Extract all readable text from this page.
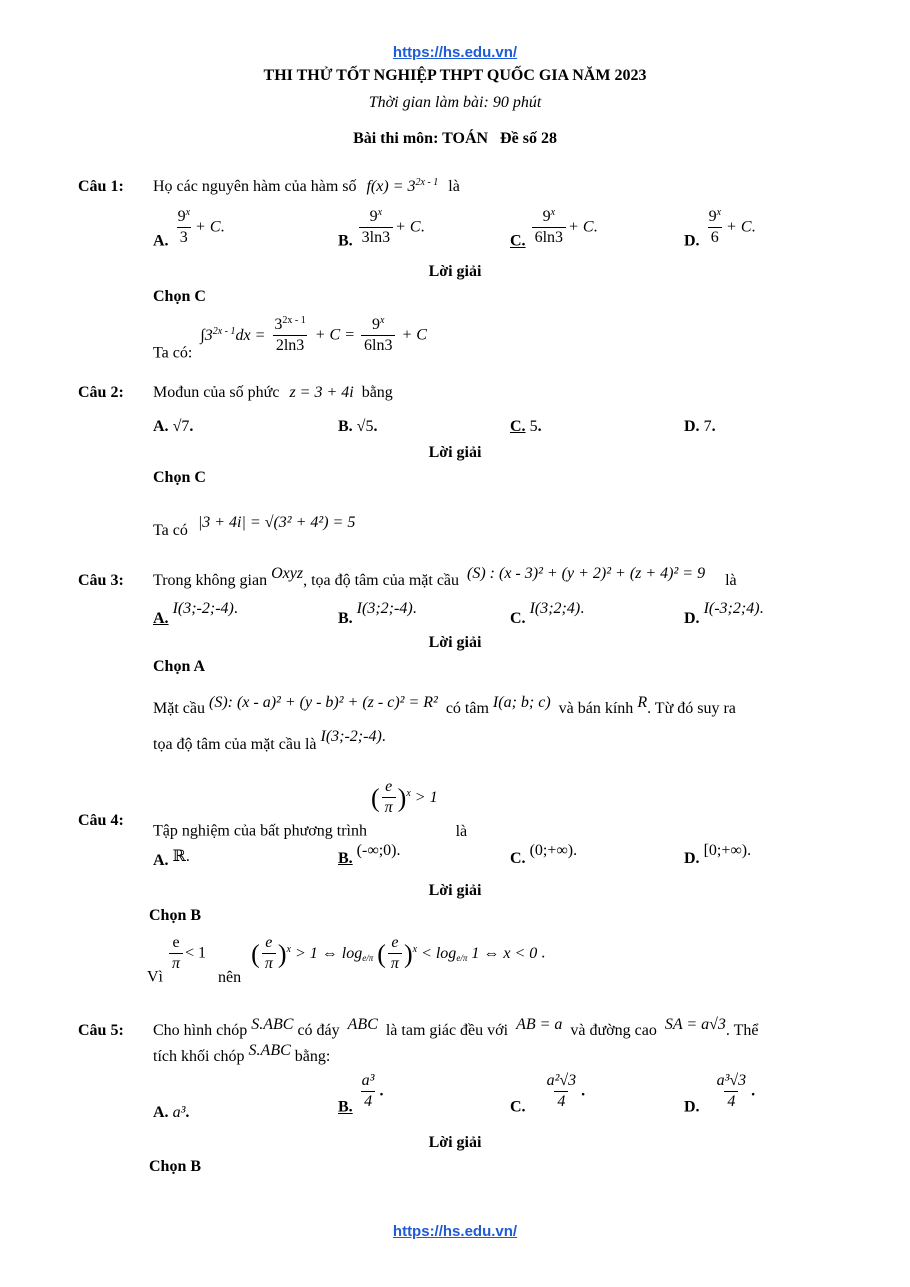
https://hs.edu.vn/
THI THỬ TỐT NGHIỆP THPT QUỐC GIA NĂM 2023
Thời gian làm bài: 90 phút
Bài thi môn: TOÁN   Đề số 28
Câu 1: Họ các nguyên hàm của hàm số $f(x) = 3^{2x - 1}$ là
A. $\frac{9^x}{3} + C$.
B. $\frac{9^x}{3\ln 3} + C$.
C. $\frac{9^x}{6\ln 3} + C$.
D. $\frac{9^x}{6} + C$.
Lời giải
Chọn C
Ta có: $\int 3^{2x - 1}dx = \frac{3^{2x - 1}}{2\ln 3} + C = \frac{9^x}{6\ln 3} + C$
Câu 2: Mođun của số phức z = 3 + 4i bằng
A. √7.	B. √5.	C. 5.	D. 7.
Lời giải
Chọn C
Ta có |3 + 4i| = √(3² + 4²) = 5
Câu 3: Trong không gian Oxyz, tọa độ tâm của mặt cầu (S) : (x - 3)² + (y + 2)² + (z + 4)² = 9 là
A. I(3;-2;-4).
B. I(3;2;-4).
C. I(3;2;4).
D. I(-3;2;4).
Lời giải
Chọn A
Mặt cầu (S): (x - a)² + (y - b)² + (z - c)² = R² có tâm I(a; b; c) và bán kính R. Từ đó suy ra
tọa độ tâm của mặt cầu là I(3;-2;-4).
Câu 4:
Tập nghiệm của bất phương trình ( $\frac{e}{\pi} )^x > 1$ là
A. ℝ.	B. (-∞;0).	C. (0;+∞).	D. [0;+∞).
Lời giải
Chọn B
Vì
$\frac{e}{\pi} < 1$ nên ( $\frac{e}{\pi} )^x > 1$ ⇔ $\log_{e/\pi}$ ( $\frac{e}{\pi} )^x < \log_{e/\pi} 1$ ⇔ x < 0 .
Câu 5: Cho hình chóp S.ABC có đáy ABC là tam giác đều với AB = a và đường cao SA = a√3. Thể
tích khối chóp S.ABC bằng:
A. a³.	B. $\frac{\text{a³}}{4}$ .
C. $\frac{\text{a²√3}}{4}$ .
D. $\frac{\text{a³√3}}{4}$ .
Lời giải
Chọn B
https://hs.edu.vn/
